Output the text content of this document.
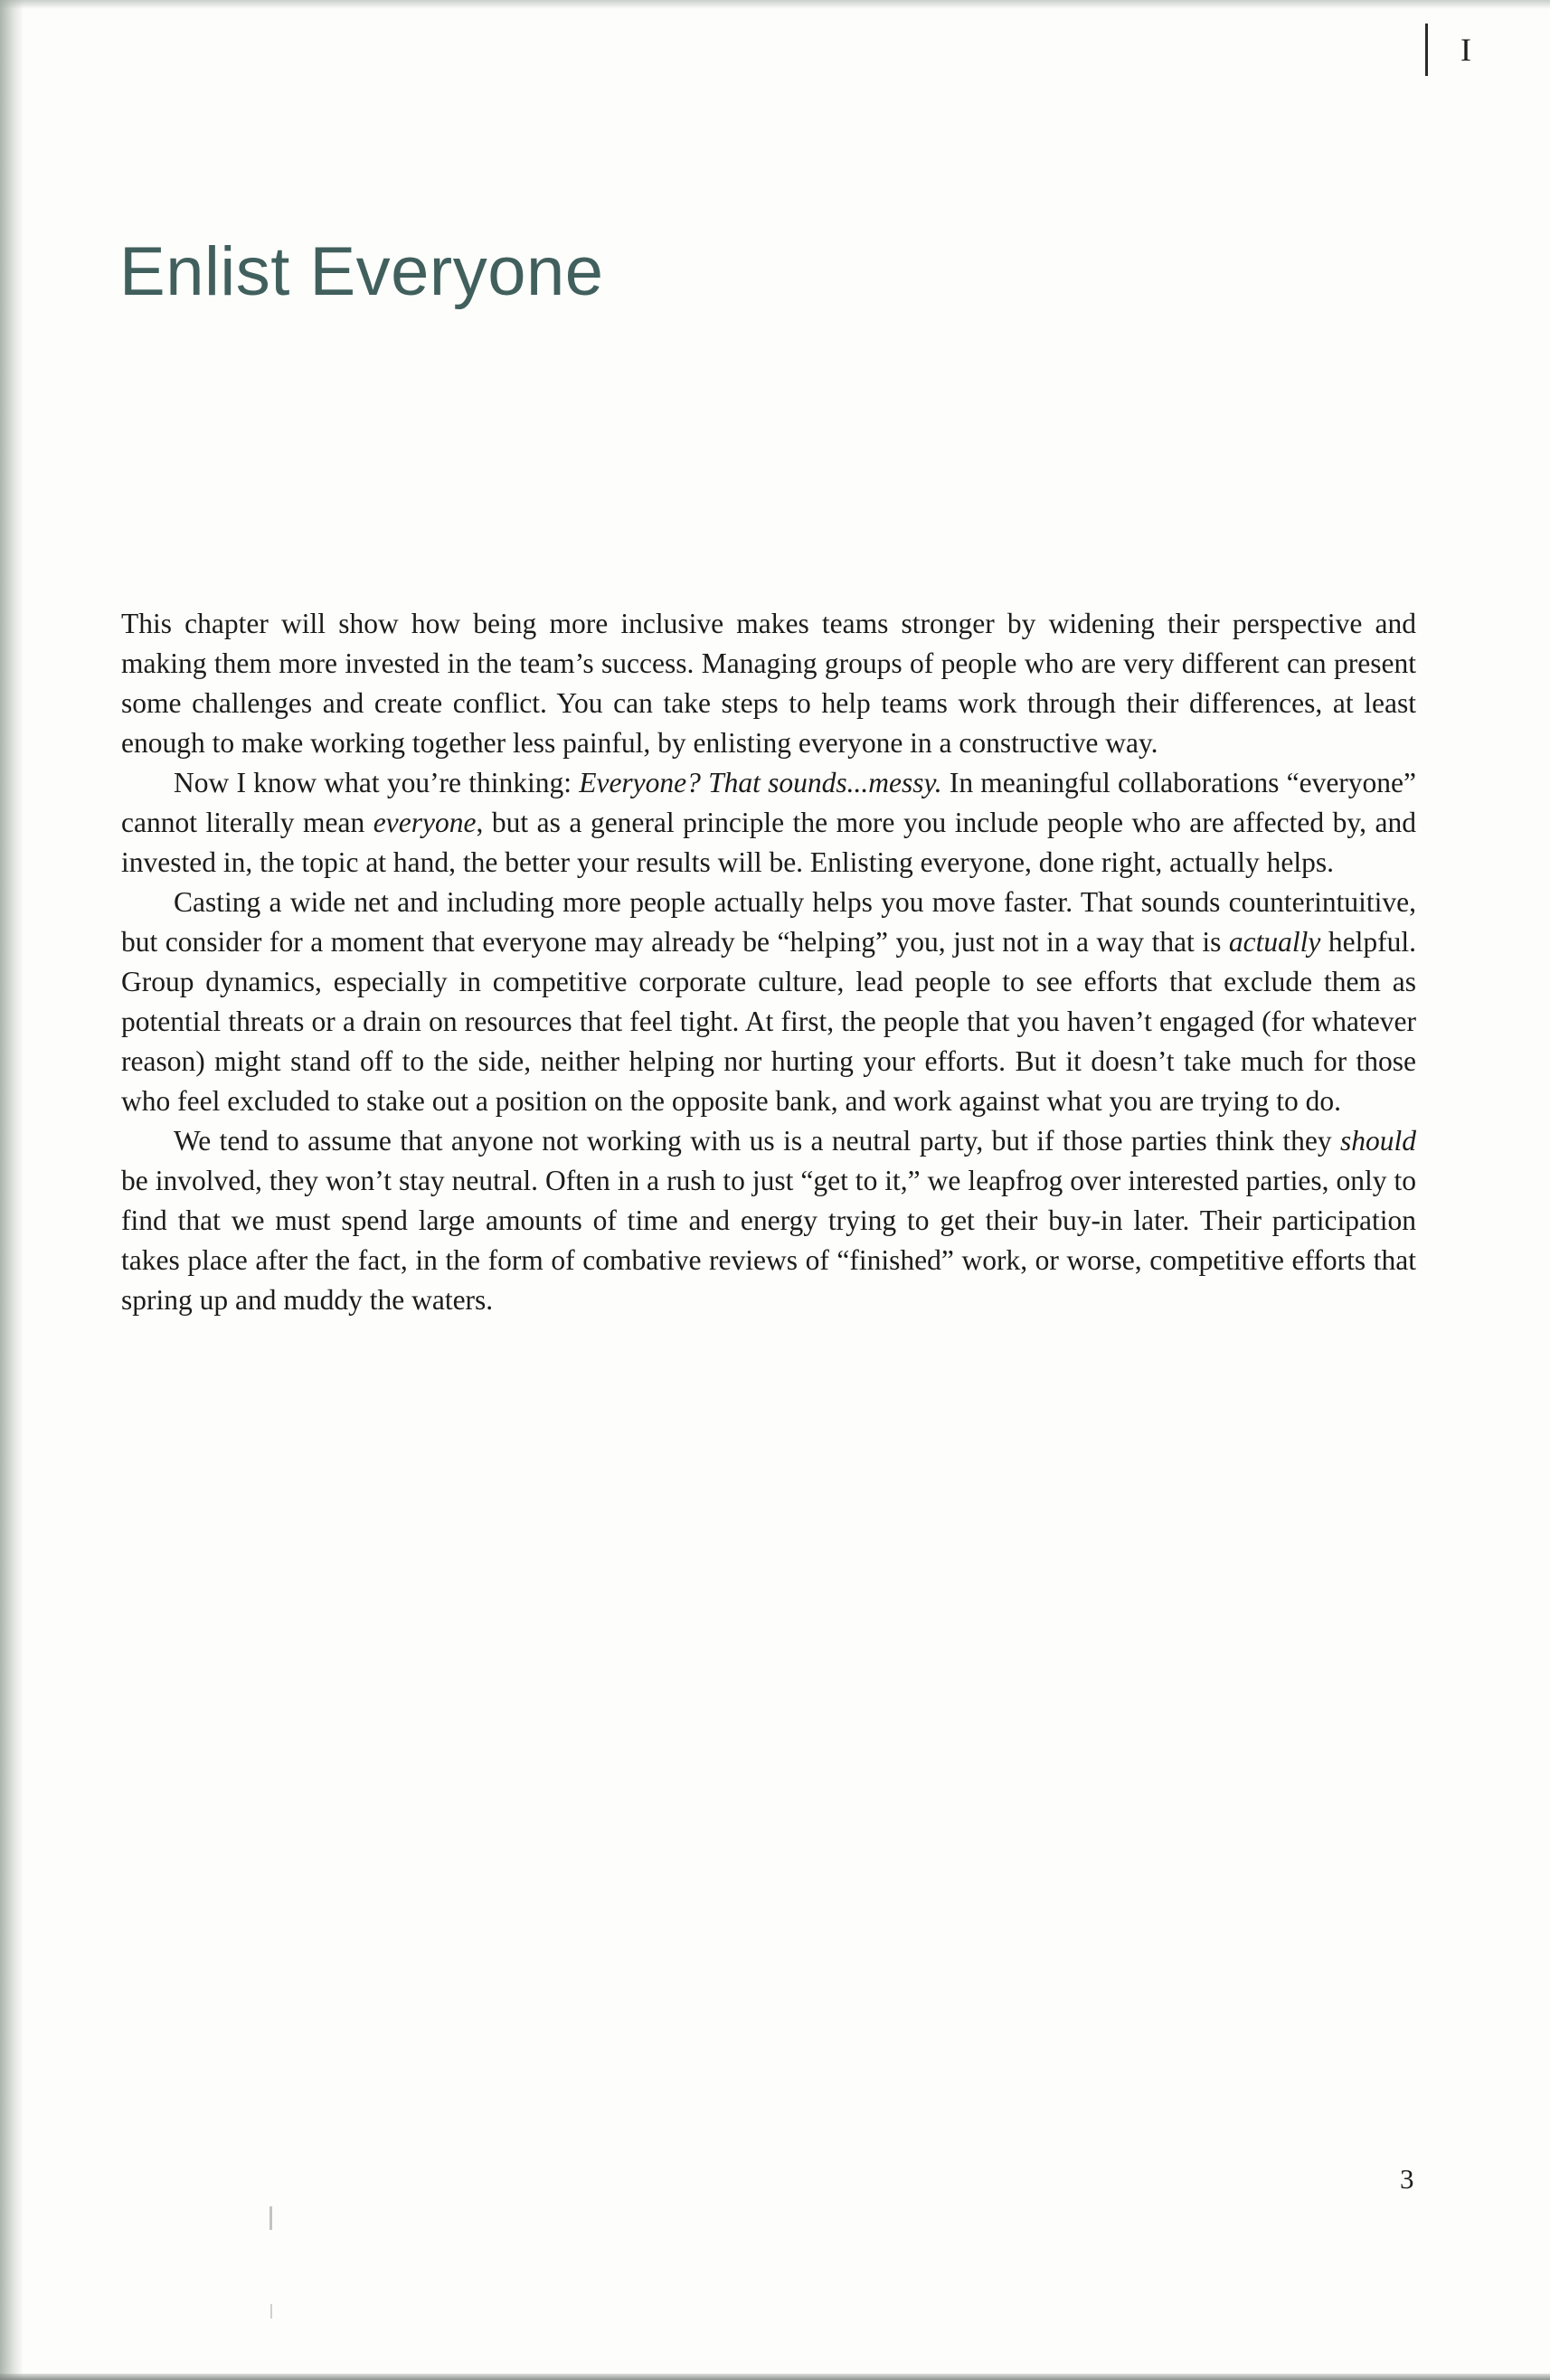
I
Enlist Everyone

This chapter will show how being more inclusive makes teams stronger by widening their perspective and making them more invested in the team’s success. Managing groups of people who are very different can present some challenges and create conflict. You can take steps to help teams work through their differences, at least enough to make working together less painful, by enlisting everyone in a constructive way.

Now I know what you’re thinking: Everyone? That sounds...messy. In meaningful collaborations “everyone” cannot literally mean everyone, but as a general principle the more you include people who are affected by, and invested in, the topic at hand, the better your results will be. Enlisting everyone, done right, actually helps.

Casting a wide net and including more people actually helps you move faster. That sounds counterintuitive, but consider for a moment that everyone may already be “helping” you, just not in a way that is actually helpful. Group dynamics, especially in competitive corporate culture, lead people to see efforts that exclude them as potential threats or a drain on resources that feel tight. At first, the people that you haven’t engaged (for whatever reason) might stand off to the side, neither helping nor hurting your efforts. But it doesn’t take much for those who feel excluded to stake out a position on the opposite bank, and work against what you are trying to do.

We tend to assume that anyone not working with us is a neutral party, but if those parties think they should be involved, they won’t stay neutral. Often in a rush to just “get to it,” we leapfrog over interested parties, only to find that we must spend large amounts of time and energy trying to get their buy-in later. Their participation takes place after the fact, in the form of combative reviews of “finished” work, or worse, competitive efforts that spring up and muddy the waters.

3
